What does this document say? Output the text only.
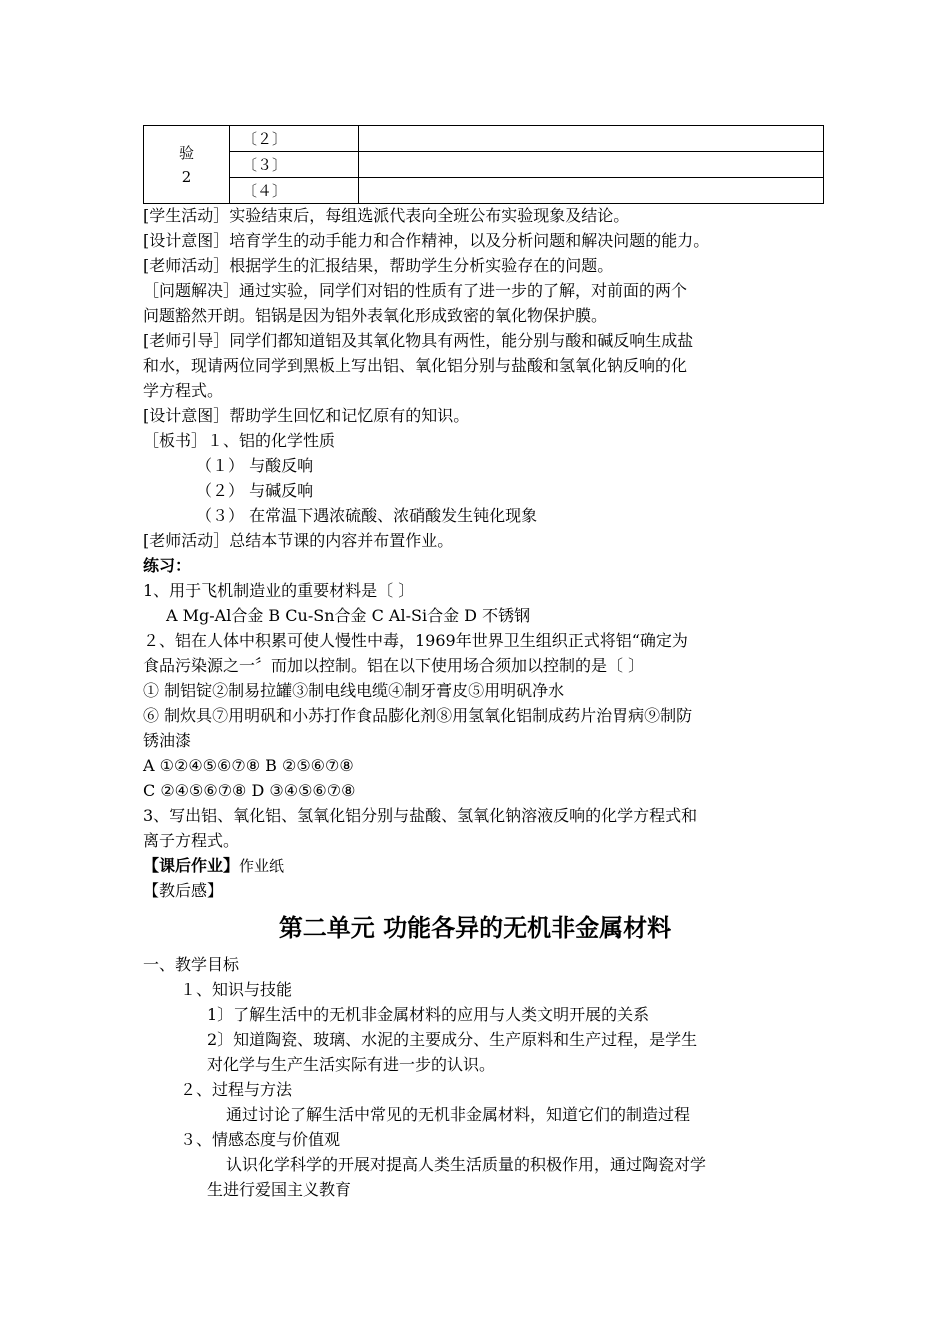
验
2	〔２〕	
	〔３〕	
	〔４〕	
[学生活动］实验结束后，每组选派代表向全班公布实验现象及结论。
[设计意图］培育学生的动手能力和合作精神，以及分析问题和解决问题的能力。
[老师活动］根据学生的汇报结果，帮助学生分析实验存在的问题。
［问题解决］通过实验，同学们对铝的性质有了进一步的了解，对前面的两个
问题豁然开朗。铝锅是因为铝外表氧化形成致密的氧化物保护膜。
[老师引导］同学们都知道铝及其氧化物具有两性，能分别与酸和碱反响生成盐
和水，现请两位同学到黑板上写出铝、氧化铝分别与盐酸和氢氧化钠反响的化
学方程式。
[设计意图］帮助学生回忆和记忆原有的知识。
［板书］１、铝的化学性质
（１） 与酸反响
（２） 与碱反响
（３） 在常温下遇浓硫酸、浓硝酸发生钝化现象
[老师活动］总结本节课的内容并布置作业。
练习：
1、用于飞机制造业的重要材料是〔 〕
A Mg-Al合金 B Cu-Sn合金 C Al-Si合金 D 不锈钢
２、铝在人体中积累可使人慢性中毒，1969年世界卫生组织正式将铝“确定为
食品污染源之一〞而加以控制。铝在以下使用场合须加以控制的是〔 〕
① 制铝锭②制易拉罐③制电线电缆④制牙膏皮⑤用明矾净水
⑥ 制炊具⑦用明矾和小苏打作食品膨化剂⑧用氢氧化铝制成药片治胃病⑨制防
锈油漆
A ①②④⑤⑥⑦⑧ B ②⑤⑥⑦⑧
C ②④⑤⑥⑦⑧ D ③④⑤⑥⑦⑧
3、写出铝、氧化铝、氢氧化铝分别与盐酸、氢氧化钠溶液反响的化学方程式和
离子方程式。
【课后作业】作业纸
【教后感】
第二单元 功能各异的无机非金属材料
一、教学目标
１、知识与技能
1〕了解生活中的无机非金属材料的应用与人类文明开展的关系
2〕知道陶瓷、玻璃、水泥的主要成分、生产原料和生产过程，是学生
对化学与生产生活实际有进一步的认识。
２、过程与方法
通过讨论了解生活中常见的无机非金属材料，知道它们的制造过程
３、情感态度与价值观
认识化学科学的开展对提高人类生活质量的积极作用，通过陶瓷对学
生进行爱国主义教育
